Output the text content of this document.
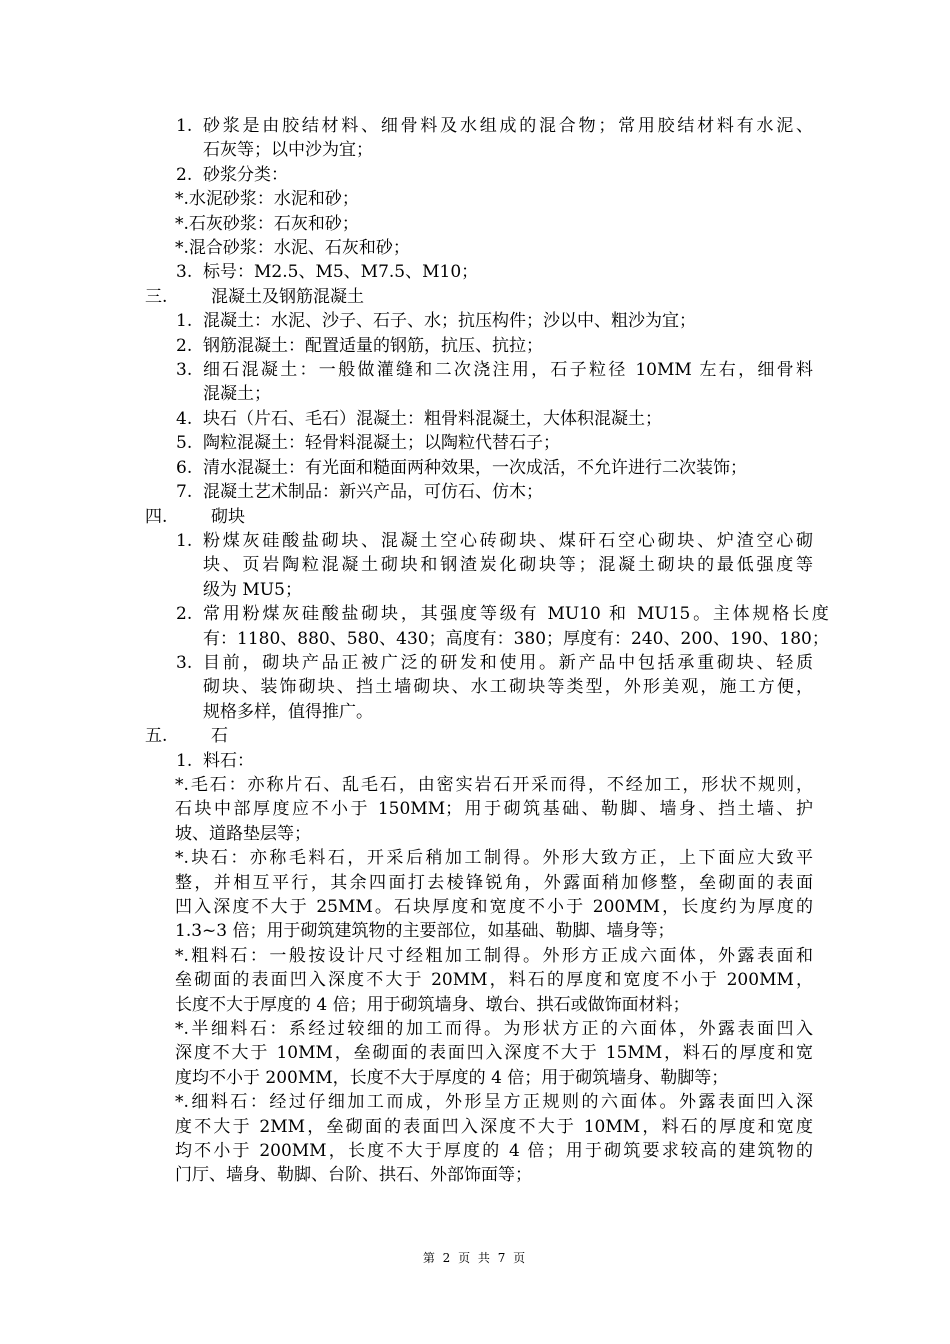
1. 砂浆是由胶结材料、细骨料及水组成的混合物；常用胶结材料有水泥、
石灰等；以中沙为宜；
2. 砂浆分类：
*.水泥砂浆：水泥和砂；
*.石灰砂浆：石灰和砂；
*.混合砂浆：水泥、石灰和砂；
3. 标号：M2.5、M5、M7.5、M10；
三.	混凝土及钢筋混凝土
1. 混凝土：水泥、沙子、石子、水；抗压构件；沙以中、粗沙为宜；
2. 钢筋混凝土：配置适量的钢筋，抗压、抗拉；
3. 细石混凝土：一般做灌缝和二次浇注用，石子粒径 10MM 左右，细骨料
混凝土；
4. 块石（片石、毛石）混凝土：粗骨料混凝土，大体积混凝土；
5. 陶粒混凝土：轻骨料混凝土；以陶粒代替石子；
6. 清水混凝土：有光面和糙面两种效果，一次成活，不允许进行二次装饰；
7. 混凝土艺术制品：新兴产品，可仿石、仿木；
四.	砌块
1. 粉煤灰硅酸盐砌块、混凝土空心砖砌块、煤矸石空心砌块、炉渣空心砌
块、页岩陶粒混凝土砌块和钢渣炭化砌块等；混凝土砌块的最低强度等
级为 MU5；
2. 常用粉煤灰硅酸盐砌块，其强度等级有 MU10 和 MU15。主体规格长度
有：1180、880、580、430；高度有：380；厚度有：240、200、190、180；
3. 目前，砌块产品正被广泛的研发和使用。新产品中包括承重砌块、轻质
砌块、装饰砌块、挡土墙砌块、水工砌块等类型，外形美观，施工方便，
规格多样，值得推广。
五.	石
1. 料石：
*.毛石：亦称片石、乱毛石，由密实岩石开采而得，不经加工，形状不规则，
石块中部厚度应不小于 150MM；用于砌筑基础、勒脚、墙身、挡土墙、护
坡、道路垫层等；
*.块石：亦称毛料石，开采后稍加工制得。外形大致方正，上下面应大致平
整，并相互平行，其余四面打去棱锋锐角，外露面稍加修整，垒砌面的表面
凹入深度不大于 25MM。石块厚度和宽度不小于 200MM，长度约为厚度的
1.3~3 倍；用于砌筑建筑物的主要部位，如基础、勒脚、墙身等；
*.粗料石：一般按设计尺寸经粗加工制得。外形方正成六面体，外露表面和
垒砌面的表面凹入深度不大于 20MM，料石的厚度和宽度不小于 200MM，
长度不大于厚度的 4 倍；用于砌筑墙身、墩台、拱石或做饰面材料；
*.半细料石：系经过较细的加工而得。为形状方正的六面体，外露表面凹入
深度不大于 10MM，垒砌面的表面凹入深度不大于 15MM，料石的厚度和宽
度均不小于 200MM，长度不大于厚度的 4 倍；用于砌筑墙身、勒脚等；
*.细料石：经过仔细加工而成，外形呈方正规则的六面体。外露表面凹入深
度不大于 2MM，垒砌面的表面凹入深度不大于 10MM，料石的厚度和宽度
均不小于 200MM，长度不大于厚度的 4 倍；用于砌筑要求较高的建筑物的
门厅、墙身、勒脚、台阶、拱石、外部饰面等；
第 2 页 共 7 页
